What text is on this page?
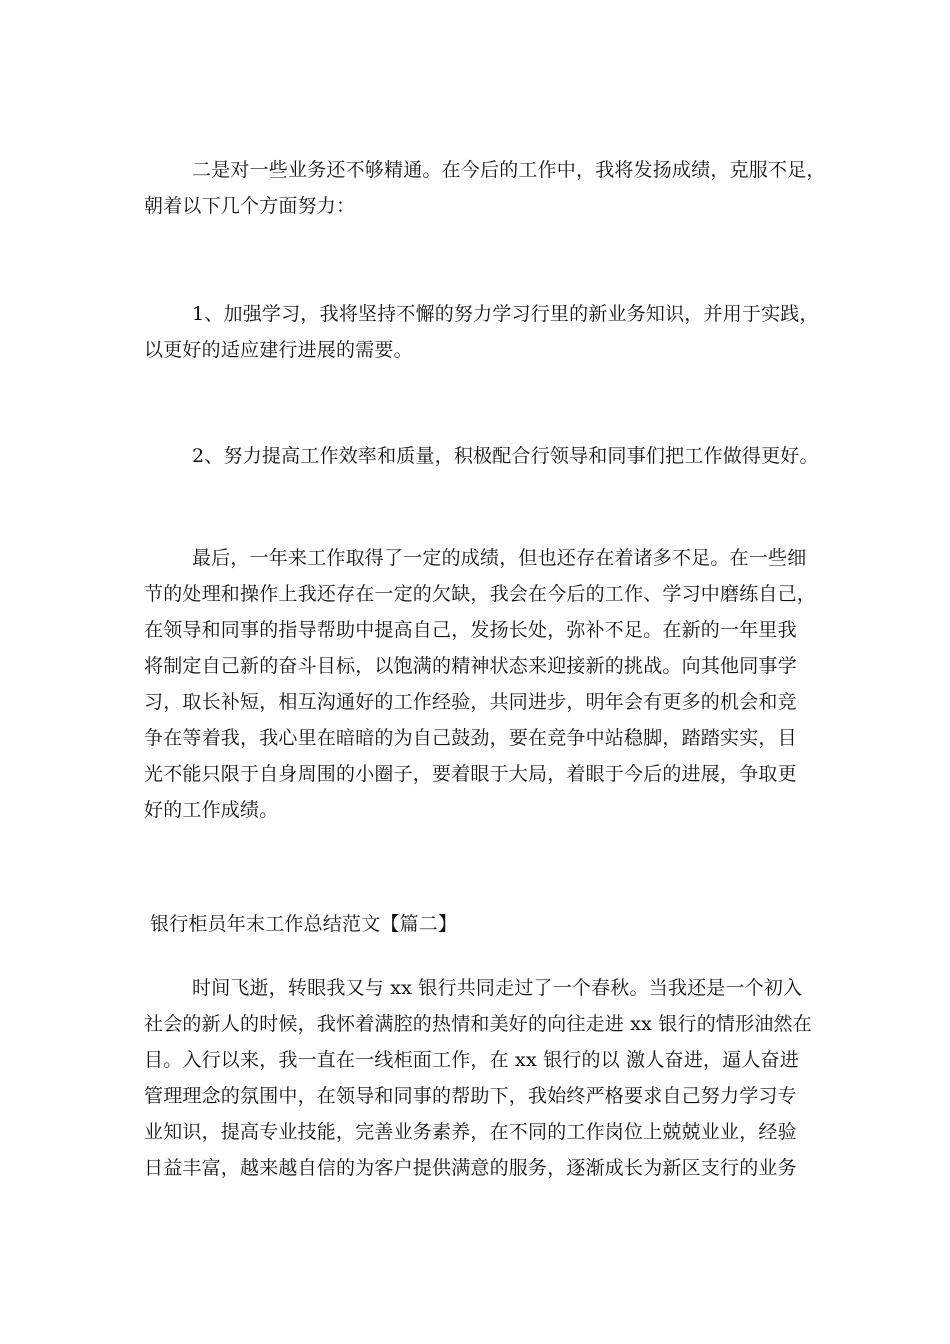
二是对一些业务还不够精通。在今后的工作中，我将发扬成绩，克服不足，
朝着以下几个方面努力：
1、加强学习，我将坚持不懈的努力学习行里的新业务知识，并用于实践，
以更好的适应建行进展的需要。
2、努力提高工作效率和质量，积极配合行领导和同事们把工作做得更好。
最后，一年来工作取得了一定的成绩，但也还存在着诸多不足。在一些细
节的处理和操作上我还存在一定的欠缺，我会在今后的工作、学习中磨练自己，
在领导和同事的指导帮助中提高自己，发扬长处，弥补不足。在新的一年里我
将制定自己新的奋斗目标，以饱满的精神状态来迎接新的挑战。向其他同事学
习，取长补短，相互沟通好的工作经验，共同进步，明年会有更多的机会和竞
争在等着我，我心里在暗暗的为自己鼓劲，要在竞争中站稳脚，踏踏实实，目
光不能只限于自身周围的小圈子，要着眼于大局，着眼于今后的进展，争取更
好的工作成绩。
银行柜员年末工作总结范文【篇二】
时间飞逝，转眼我又与 xx 银行共同走过了一个春秋。当我还是一个初入
社会的新人的时候，我怀着满腔的热情和美好的向往走进 xx 银行的情形油然在
目。入行以来，我一直在一线柜面工作，在 xx 银行的以 激人奋进，逼人奋进
管理理念的氛围中，在领导和同事的帮助下，我始终严格要求自己努力学习专
业知识，提高专业技能，完善业务素养，在不同的工作岗位上兢兢业业，经验
日益丰富，越来越自信的为客户提供满意的服务，逐渐成长为新区支行的业务
